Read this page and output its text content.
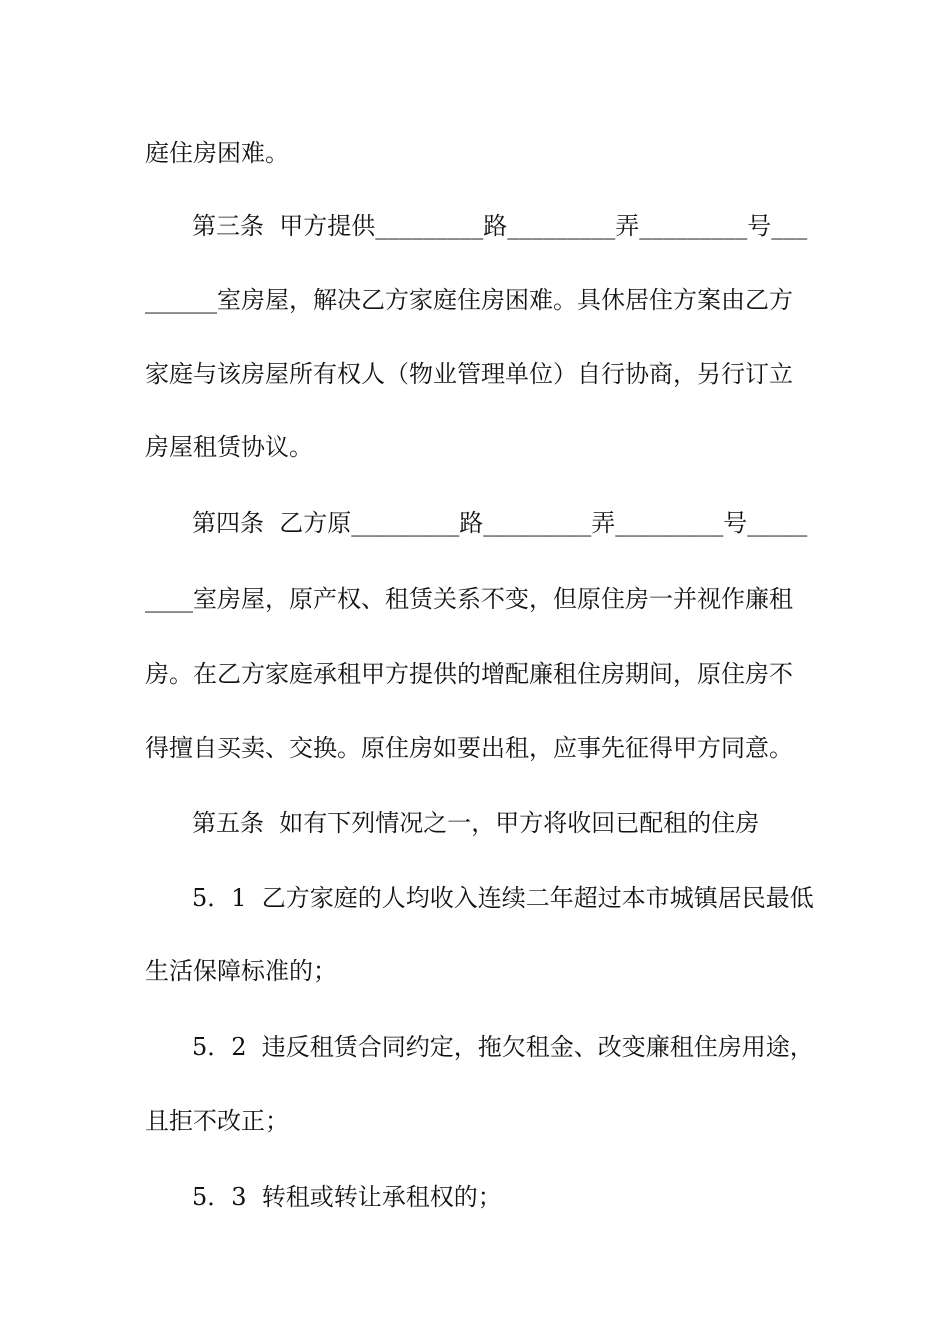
庭住房困难。
第三条  甲方提供_________路_________弄_________号___
______室房屋，解决乙方家庭住房困难。具休居住方案由乙方
家庭与该房屋所有权人（物业管理单位）自行协商，另行订立
房屋租赁协议。
第四条  乙方原_________路_________弄_________号_____
____室房屋，原产权、租赁关系不变，但原住房一并视作廉租
房。在乙方家庭承租甲方提供的增配廉租住房期间，原住房不
得擅自买卖、交换。原住房如要出租，应事先征得甲方同意。
第五条  如有下列情况之一，甲方将收回已配租的住房
5．1  乙方家庭的人均收入连续二年超过本市城镇居民最低
生活保障标准的；
5．2  违反租赁合同约定，拖欠租金、改变廉租住房用途，
且拒不改正；
5．3  转租或转让承租权的；
